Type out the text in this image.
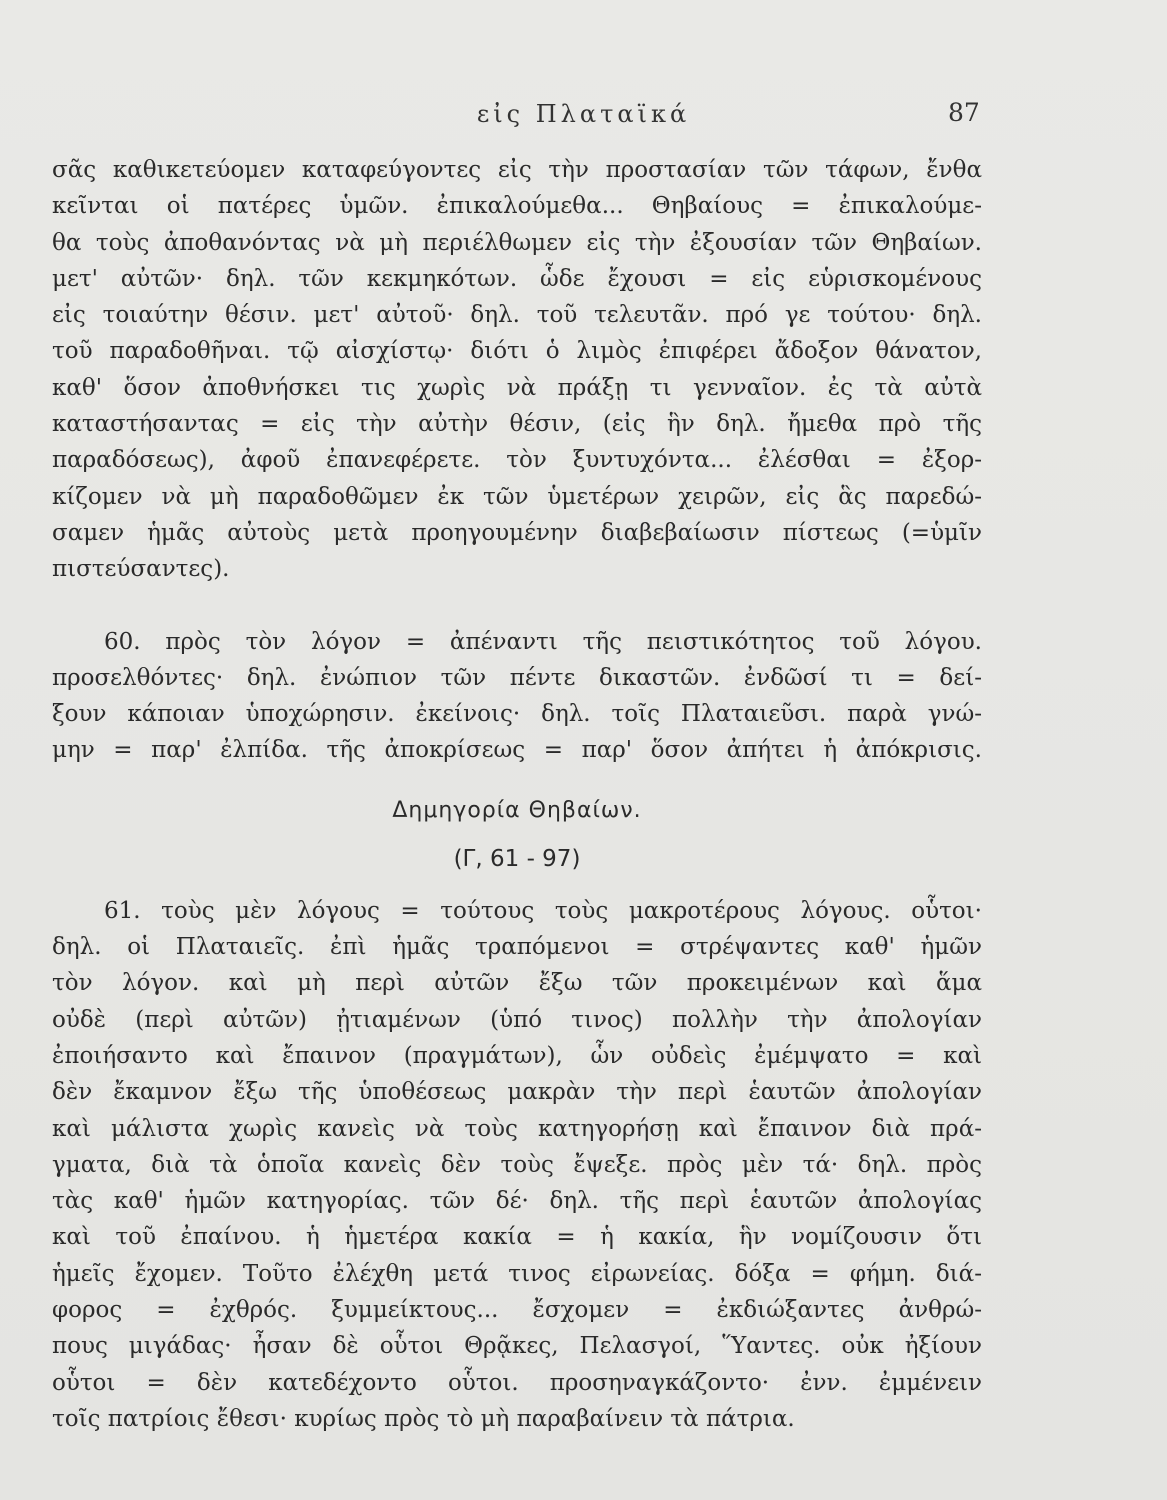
εἰς Πλαταϊκά	87
σᾶς καθικετεύομεν καταφεύγοντες εἰς τὴν προστασίαν τῶν τάφων, ἔνθα
κεῖνται οἱ πατέρες ὑμῶν. ἐπικαλούμεθα... Θηβαίους = ἐπικαλούμε-
θα τοὺς ἀποθανόντας νὰ μὴ περιέλθωμεν εἰς τὴν ἐξουσίαν τῶν Θηβαίων.
μετ' αὐτῶν· δηλ. τῶν κεκμηκότων. ὧδε ἔχουσι = εἰς εὑρισκομένους
εἰς τοιαύτην θέσιν. μετ' αὐτοῦ· δηλ. τοῦ τελευτᾶν. πρό γε τούτου· δηλ.
τοῦ παραδοθῆναι. τῷ αἰσχίστῳ· διότι ὁ λιμὸς ἐπιφέρει ἄδοξον θάνατον,
καθ' ὅσον ἀποθνήσκει τις χωρὶς νὰ πράξῃ τι γενναῖον. ἐς τὰ αὐτὰ
καταστήσαντας = εἰς τὴν αὐτὴν θέσιν, (εἰς ἣν δηλ. ἤμεθα πρὸ τῆς
παραδόσεως), ἀφοῦ ἐπανεφέρετε. τὸν ξυντυχόντα... ἐλέσθαι = ἐξορ-
κίζομεν νὰ μὴ παραδοθῶμεν ἐκ τῶν ὑμετέρων χειρῶν, εἰς ἃς παρεδώ-
σαμεν ἡμᾶς αὐτοὺς μετὰ προηγουμένην διαβεβαίωσιν πίστεως (=ὑμῖν
πιστεύσαντες).
60. πρὸς τὸν λόγον = ἀπέναντι τῆς πειστικότητος τοῦ λόγου.
προσελθόντες· δηλ. ἐνώπιον τῶν πέντε δικαστῶν. ἐνδῶσί τι = δεί-
ξουν κάποιαν ὑποχώρησιν. ἐκείνοις· δηλ. τοῖς Πλαταιεῦσι. παρὰ γνώ-
μην = παρ' ἐλπίδα. τῆς ἀποκρίσεως = παρ' ὅσον ἀπήτει ἡ ἀπόκρισις.
Δημηγορία Θηβαίων.
(Γ, 61 - 97)
61. τοὺς μὲν λόγους = τούτους τοὺς μακροτέρους λόγους. οὗτοι·
δηλ. οἱ Πλαταιεῖς. ἐπὶ ἡμᾶς τραπόμενοι = στρέψαντες καθ' ἡμῶν
τὸν λόγον. καὶ μὴ περὶ αὐτῶν ἔξω τῶν προκειμένων καὶ ἅμα
οὐδὲ (περὶ αὐτῶν) ᾐτιαμένων (ὑπό τινος) πολλὴν τὴν ἀπολογίαν
ἐποιήσαντο καὶ ἔπαινον (πραγμάτων), ὧν οὐδεὶς ἐμέμψατο = καὶ
δὲν ἔκαμνον ἔξω τῆς ὑποθέσεως μακρὰν τὴν περὶ ἑαυτῶν ἀπολογίαν
καὶ μάλιστα χωρὶς κανεὶς νὰ τοὺς κατηγορήσῃ καὶ ἔπαινον διὰ πρά-
γματα, διὰ τὰ ὁποῖα κανεὶς δὲν τοὺς ἔψεξε. πρὸς μὲν τά· δηλ. πρὸς
τὰς καθ' ἡμῶν κατηγορίας. τῶν δέ· δηλ. τῆς περὶ ἑαυτῶν ἀπολογίας
καὶ τοῦ ἐπαίνου. ἡ ἡμετέρα κακία = ἡ κακία, ἣν νομίζουσιν ὅτι
ἡμεῖς ἔχομεν. Τοῦτο ἐλέχθη μετά τινος εἰρωνείας. δόξα = φήμη. διά-
φορος = ἐχθρός. ξυμμείκτους... ἔσχομεν = ἐκδιώξαντες ἀνθρώ-
πους μιγάδας· ἦσαν δὲ οὗτοι Θρᾷκες, Πελασγοί, Ὕαντες. οὐκ ἠξίουν
οὗτοι = δὲν κατεδέχοντο οὗτοι. προσηναγκάζοντο· ἐνν. ἐμμένειν
τοῖς πατρίοις ἔθεσι· κυρίως πρὸς τὸ μὴ παραβαίνειν τὰ πάτρια.
